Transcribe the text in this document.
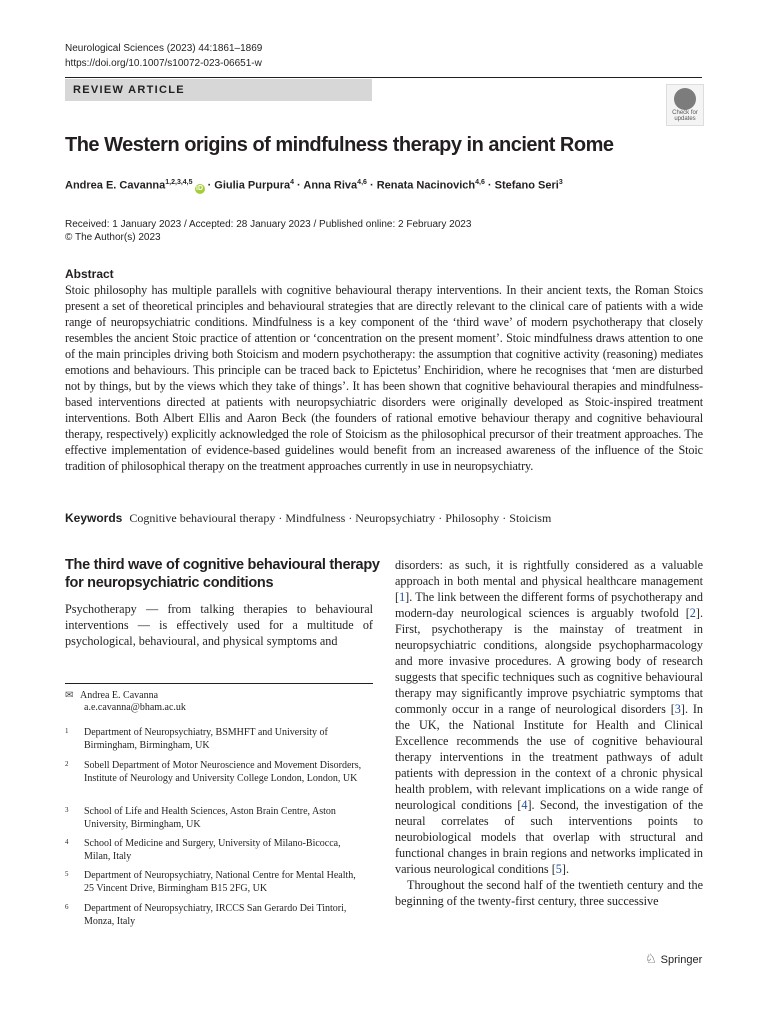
Neurological Sciences (2023) 44:1861–1869
https://doi.org/10.1007/s10072-023-06651-w
REVIEW ARTICLE
Check for
updates
The Western origins of mindfulness therapy in ancient Rome
Andrea E. Cavanna$^{1,2,3,4,5}$iD · Giulia Purpura$^4$ · Anna Riva$^{4,6}$ · Renata Nacinovich$^{4,6}$ · Stefano Seri$^3$
Received: 1 January 2023 / Accepted: 28 January 2023 / Published online: 2 February 2023
© The Author(s) 2023
Abstract
Stoic philosophy has multiple parallels with cognitive behavioural therapy interventions. In their ancient texts, the Roman Stoics present a set of theoretical principles and behavioural strategies that are directly relevant to the clinical care of patients with a wide range of neuropsychiatric conditions. Mindfulness is a key component of the ‘third wave’ of modern psychotherapy that closely resembles the ancient Stoic practice of attention or ‘concentration on the present moment’. Stoic mindfulness draws attention to one of the main principles driving both Stoicism and modern psychotherapy: the assumption that cognitive activity (reasoning) mediates emotions and behaviours. This principle can be traced back to Epictetus’ Enchiridion, where he recognises that ‘men are disturbed not by things, but by the views which they take of things’. It has been shown that cognitive behavioural therapies and mindfulness-based interventions directed at patients with neuropsychiatric disorders were originally developed as Stoic-inspired treatment interventions. Both Albert Ellis and Aaron Beck (the founders of rational emotive behaviour therapy and cognitive behavioural therapy, respectively) explicitly acknowledged the role of Stoicism as the philosophical precursor of their treatment approaches. The effective implementation of evidence-based guidelines would benefit from an increased awareness of the influence of the Stoic tradition of philosophical therapy on the treatment approaches currently in use in neuropsychiatry.
Keywords Cognitive behavioural therapy · Mindfulness · Neuropsychiatry · Philosophy · Stoicism
The third wave of cognitive behavioural therapy for neuropsychiatric conditions
Psychotherapy — from talking therapies to behavioural interventions — is effectively used for a multitude of psychological, behavioural, and physical symptoms and
✉ Andrea E. Cavanna
a.e.cavanna@bham.ac.uk
1 Department of Neuropsychiatry, BSMHFT and University of Birmingham, Birmingham, UK
2 Sobell Department of Motor Neuroscience and Movement Disorders, Institute of Neurology and University College London, London, UK
3 School of Life and Health Sciences, Aston Brain Centre, Aston University, Birmingham, UK
4 School of Medicine and Surgery, University of Milano-Bicocca, Milan, Italy
5 Department of Neuropsychiatry, National Centre for Mental Health, 25 Vincent Drive, Birmingham B15 2FG, UK
6 Department of Neuropsychiatry, IRCCS San Gerardo Dei Tintori, Monza, Italy

disorders: as such, it is rightfully considered as a valuable approach in both mental and physical healthcare management [1]. The link between the different forms of psychotherapy and modern-day neurological sciences is arguably twofold [2]. First, psychotherapy is the mainstay of treatment in neuropsychiatric conditions, alongside psychopharmacology and more invasive procedures. A growing body of research suggests that specific techniques such as cognitive behavioural therapy may significantly improve psychiatric symptoms that commonly occur in a range of neurological disorders [3]. In the UK, the National Institute for Health and Clinical Excellence recommends the use of cognitive behavioural therapy interventions in the treatment pathways of adult patients with depression in the context of a chronic physical health problem, with relevant implications on a wide range of neurological conditions [4]. Second, the investigation of the neural correlates of such interventions points to neurobiological models that overlap with structural and functional changes in brain regions and networks implicated in various neurological conditions [5].

Throughout the second half of the twentieth century and the beginning of the twenty-first century, three successive

♘ Springer
